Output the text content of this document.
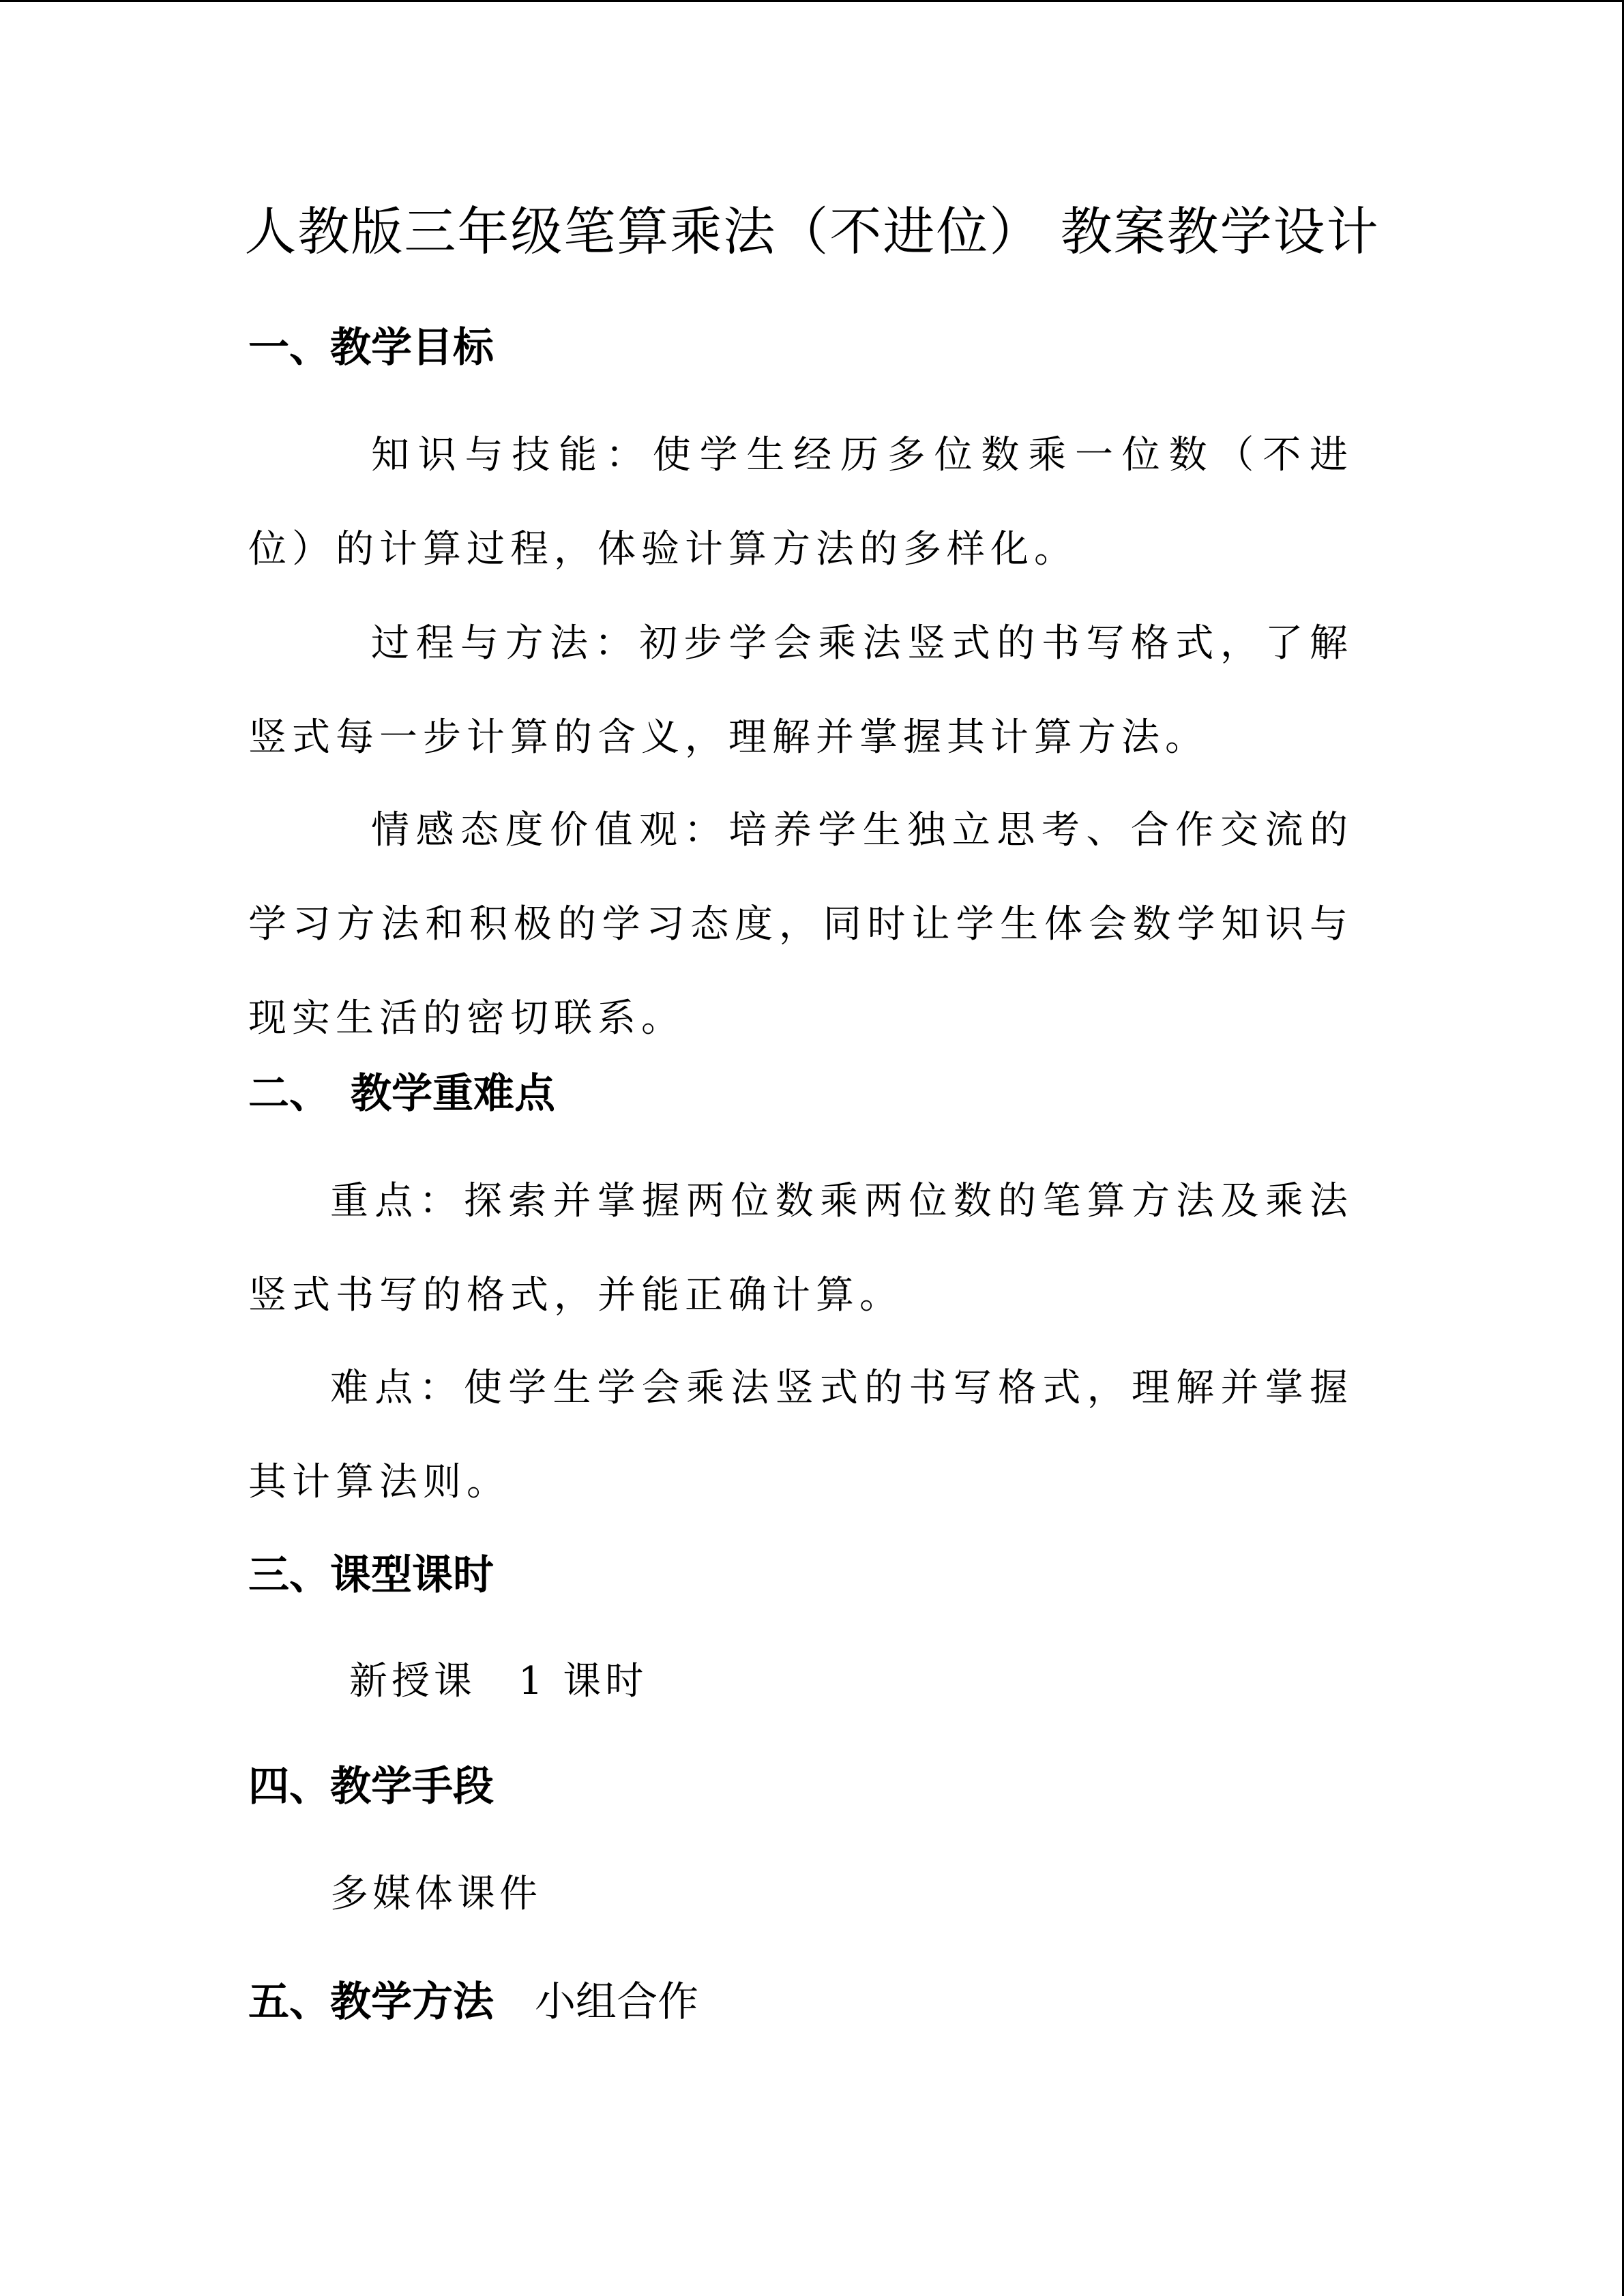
人教版三年级笔算乘法（不进位） 教案教学设计
一、教学目标

知识与技能：使学生经历多位数乘一位数（不进位）的计算过程，体验计算方法的多样化。

过程与方法：初步学会乘法竖式的书写格式，了解竖式每一步计算的含义，理解并掌握其计算方法。

情感态度价值观：培养学生独立思考、合作交流的学习方法和积极的学习态度，同时让学生体会数学知识与现实生活的密切联系。

二、　教学重难点

重点：探索并掌握两位数乘两位数的笔算方法及乘法竖式书写的格式，并能正确计算。

难点：使学生学会乘法竖式的书写格式，理解并掌握其计算法则。

三、课型课时

新授课　1 课时

四、教学手段

多媒体课件

五、教学方法 小组合作
